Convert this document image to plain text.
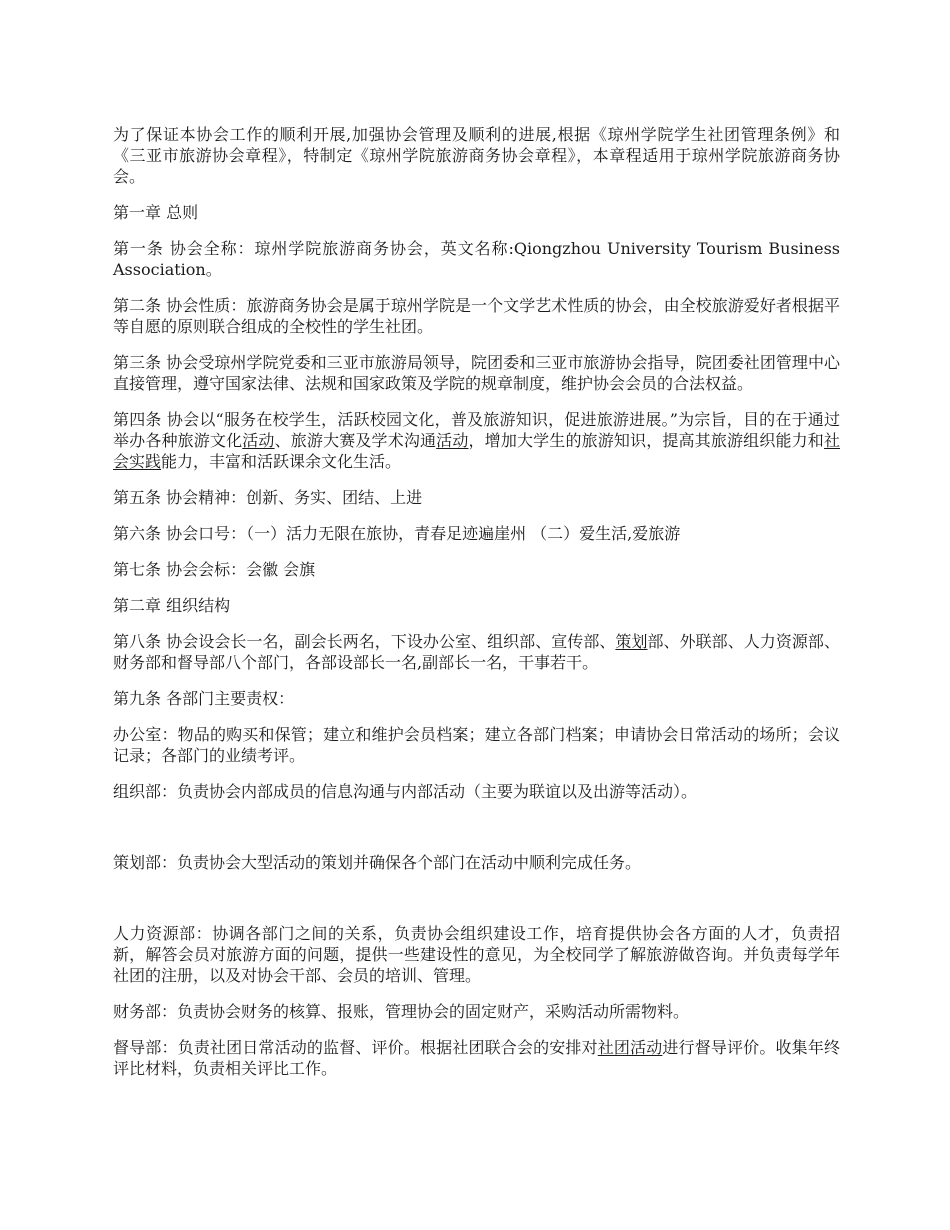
为了保证本协会工作的顺利开展,加强协会管理及顺利的进展,根据《琼州学院学生社团管理条例》和《三亚市旅游协会章程》，特制定《琼州学院旅游商务协会章程》，本章程适用于琼州学院旅游商务协会。

第一章 总则

第一条 协会全称：琼州学院旅游商务协会，英文名称:Qiongzhou University Tourism Business Association。

第二条 协会性质：旅游商务协会是属于琼州学院是一个文学艺术性质的协会，由全校旅游爱好者根据平等自愿的原则联合组成的全校性的学生社团。

第三条 协会受琼州学院党委和三亚市旅游局领导，院团委和三亚市旅游协会指导，院团委社团管理中心直接管理，遵守国家法律、法规和国家政策及学院的规章制度，维护协会会员的合法权益。

第四条 协会以“服务在校学生，活跃校园文化，普及旅游知识，促进旅游进展。”为宗旨，目的在于通过举办各种旅游文化活动、旅游大赛及学术沟通活动，增加大学生的旅游知识，提高其旅游组织能力和社会实践能力，丰富和活跃课余文化生活。

第五条 协会精神：创新、务实、团结、上进

第六条 协会口号：（一）活力无限在旅协，青春足迹遍崖州 （二）爱生活,爱旅游

第七条 协会会标：会徽 会旗

第二章 组织结构

第八条 协会设会长一名，副会长两名，下设办公室、组织部、宣传部、策划部、外联部、人力资源部、财务部和督导部八个部门，各部设部长一名,副部长一名，干事若干。

第九条 各部门主要责权：

办公室：物品的购买和保管；建立和维护会员档案；建立各部门档案；申请协会日常活动的场所；会议记录；各部门的业绩考评。

组织部：负责协会内部成员的信息沟通与内部活动（主要为联谊以及出游等活动）。

策划部：负责协会大型活动的策划并确保各个部门在活动中顺利完成任务。

人力资源部：协调各部门之间的关系，负责协会组织建设工作，培育提供协会各方面的人才，负责招新，解答会员对旅游方面的问题，提供一些建设性的意见，为全校同学了解旅游做咨询。并负责每学年社团的注册，以及对协会干部、会员的培训、管理。

财务部：负责协会财务的核算、报账，管理协会的固定财产，采购活动所需物料。

督导部：负责社团日常活动的监督、评价。根据社团联合会的安排对社团活动进行督导评价。收集年终评比材料，负责相关评比工作。
